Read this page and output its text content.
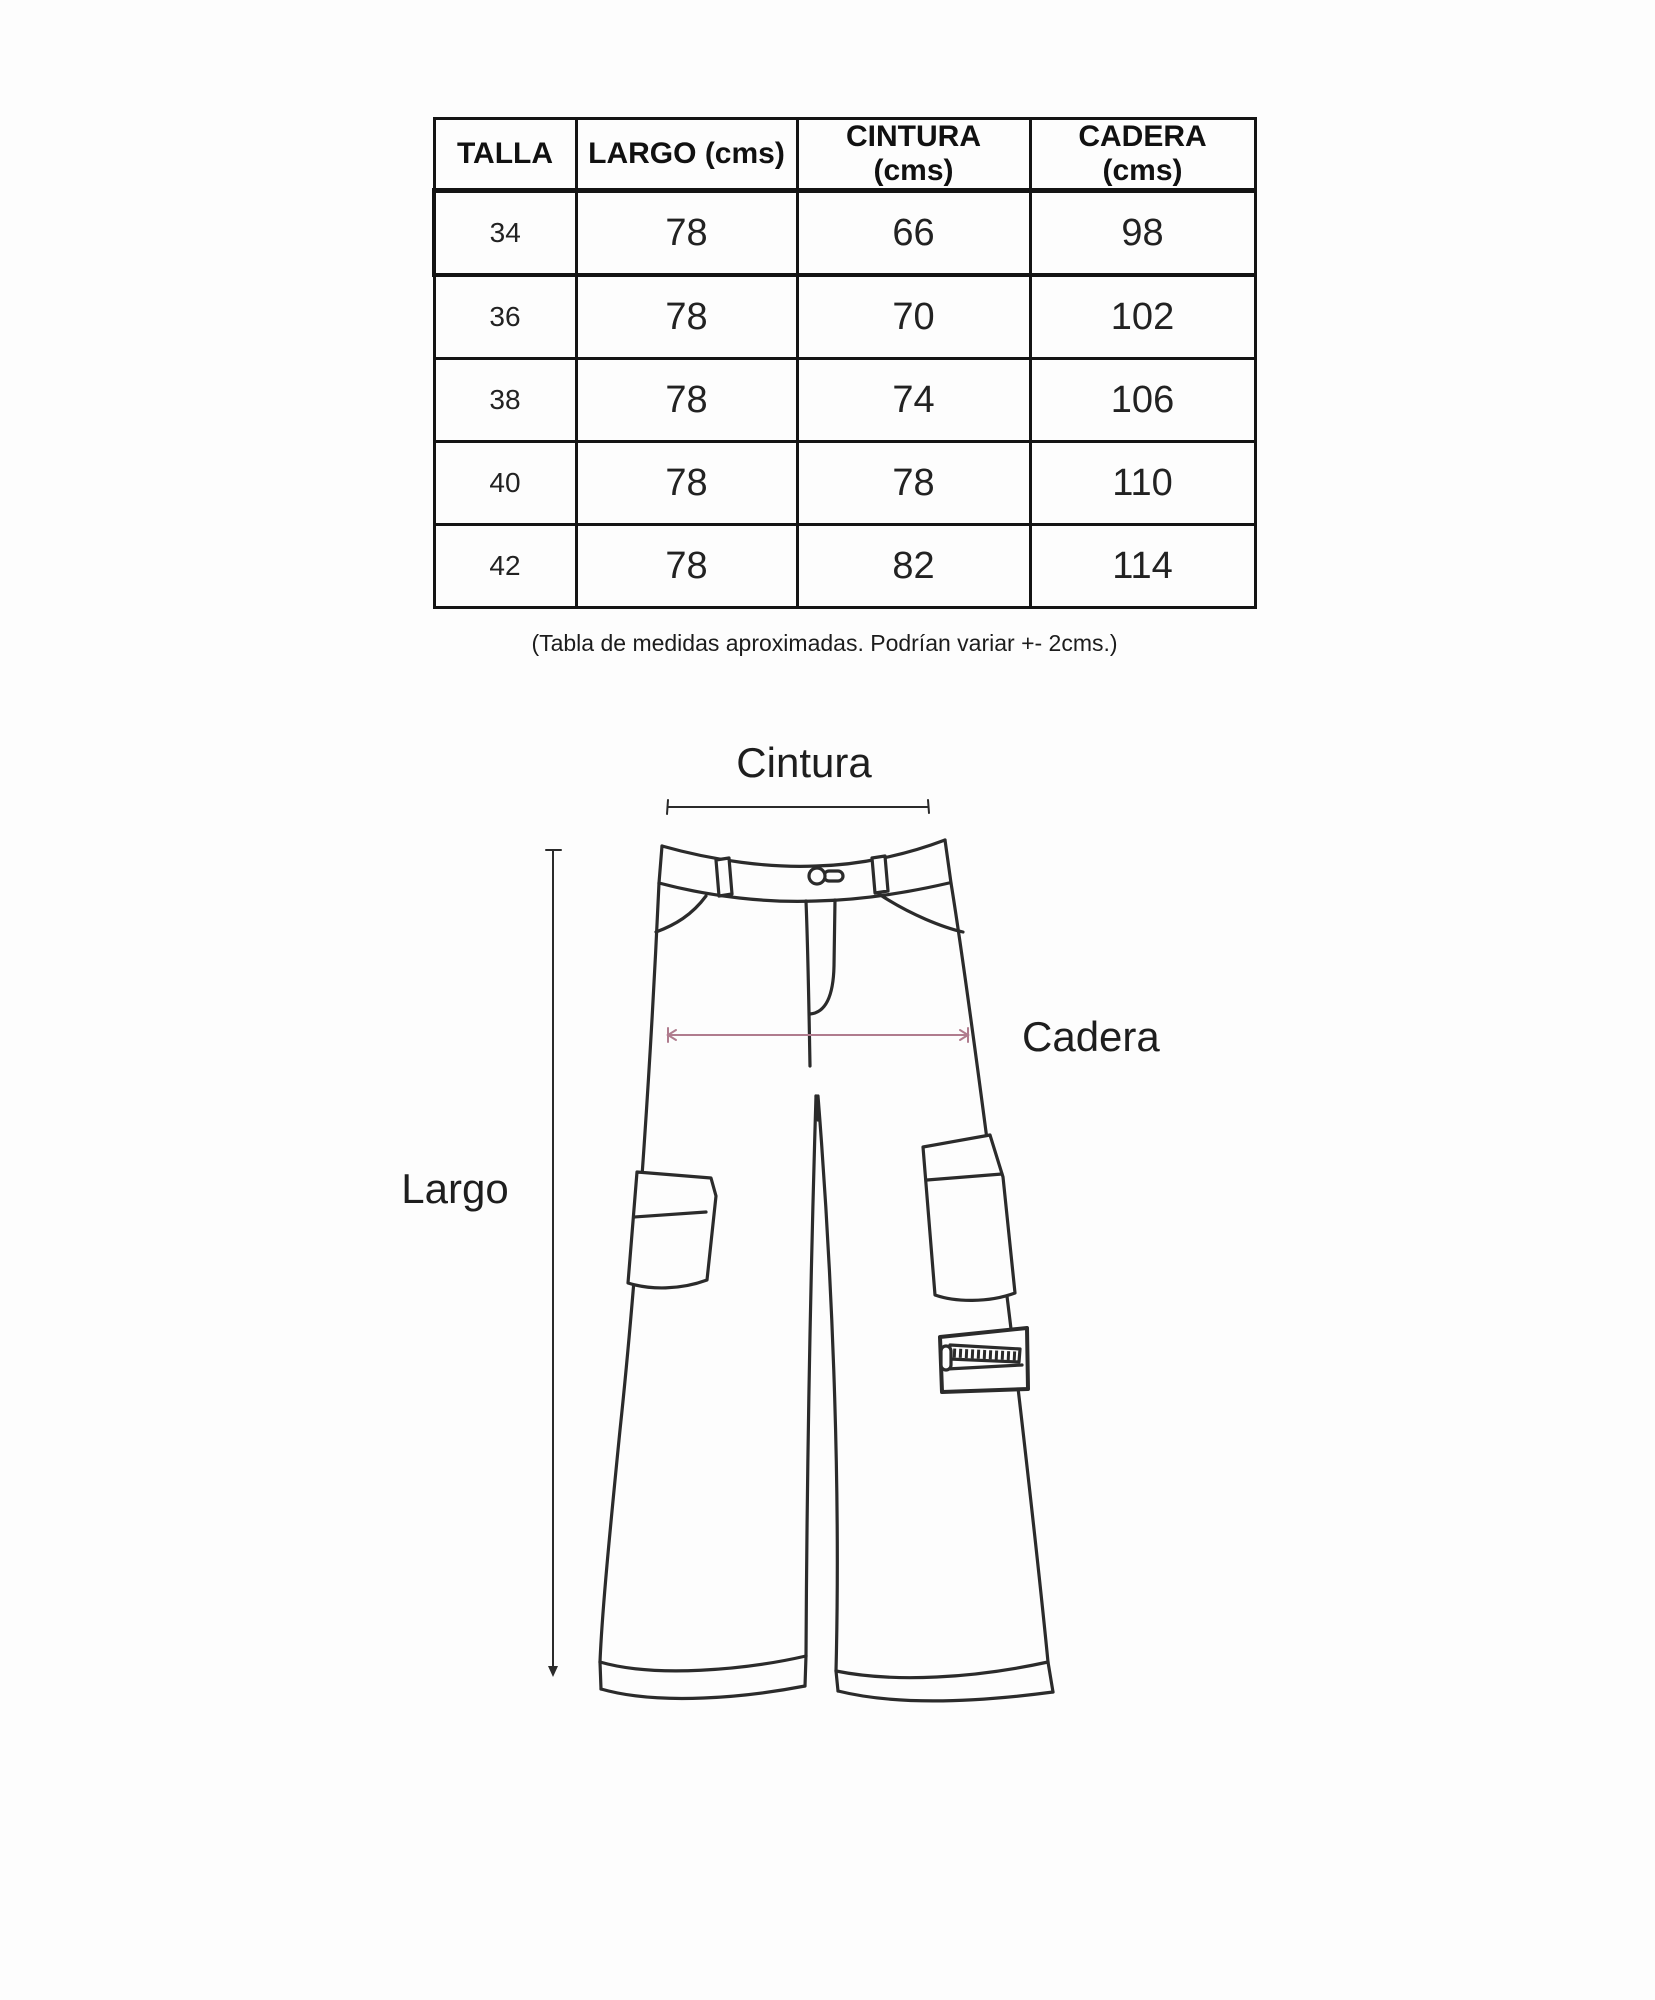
TALLA	LARGO (cms)	CINTURA (cms)	CADERA (cms)
34	78	66	98
36	78	70	102
38	78	74	106
40	78	78	110
42	78	82	114
(Tabla de medidas aproximadas. Podrían variar +- 2cms.)
Cintura
Largo
Cadera
